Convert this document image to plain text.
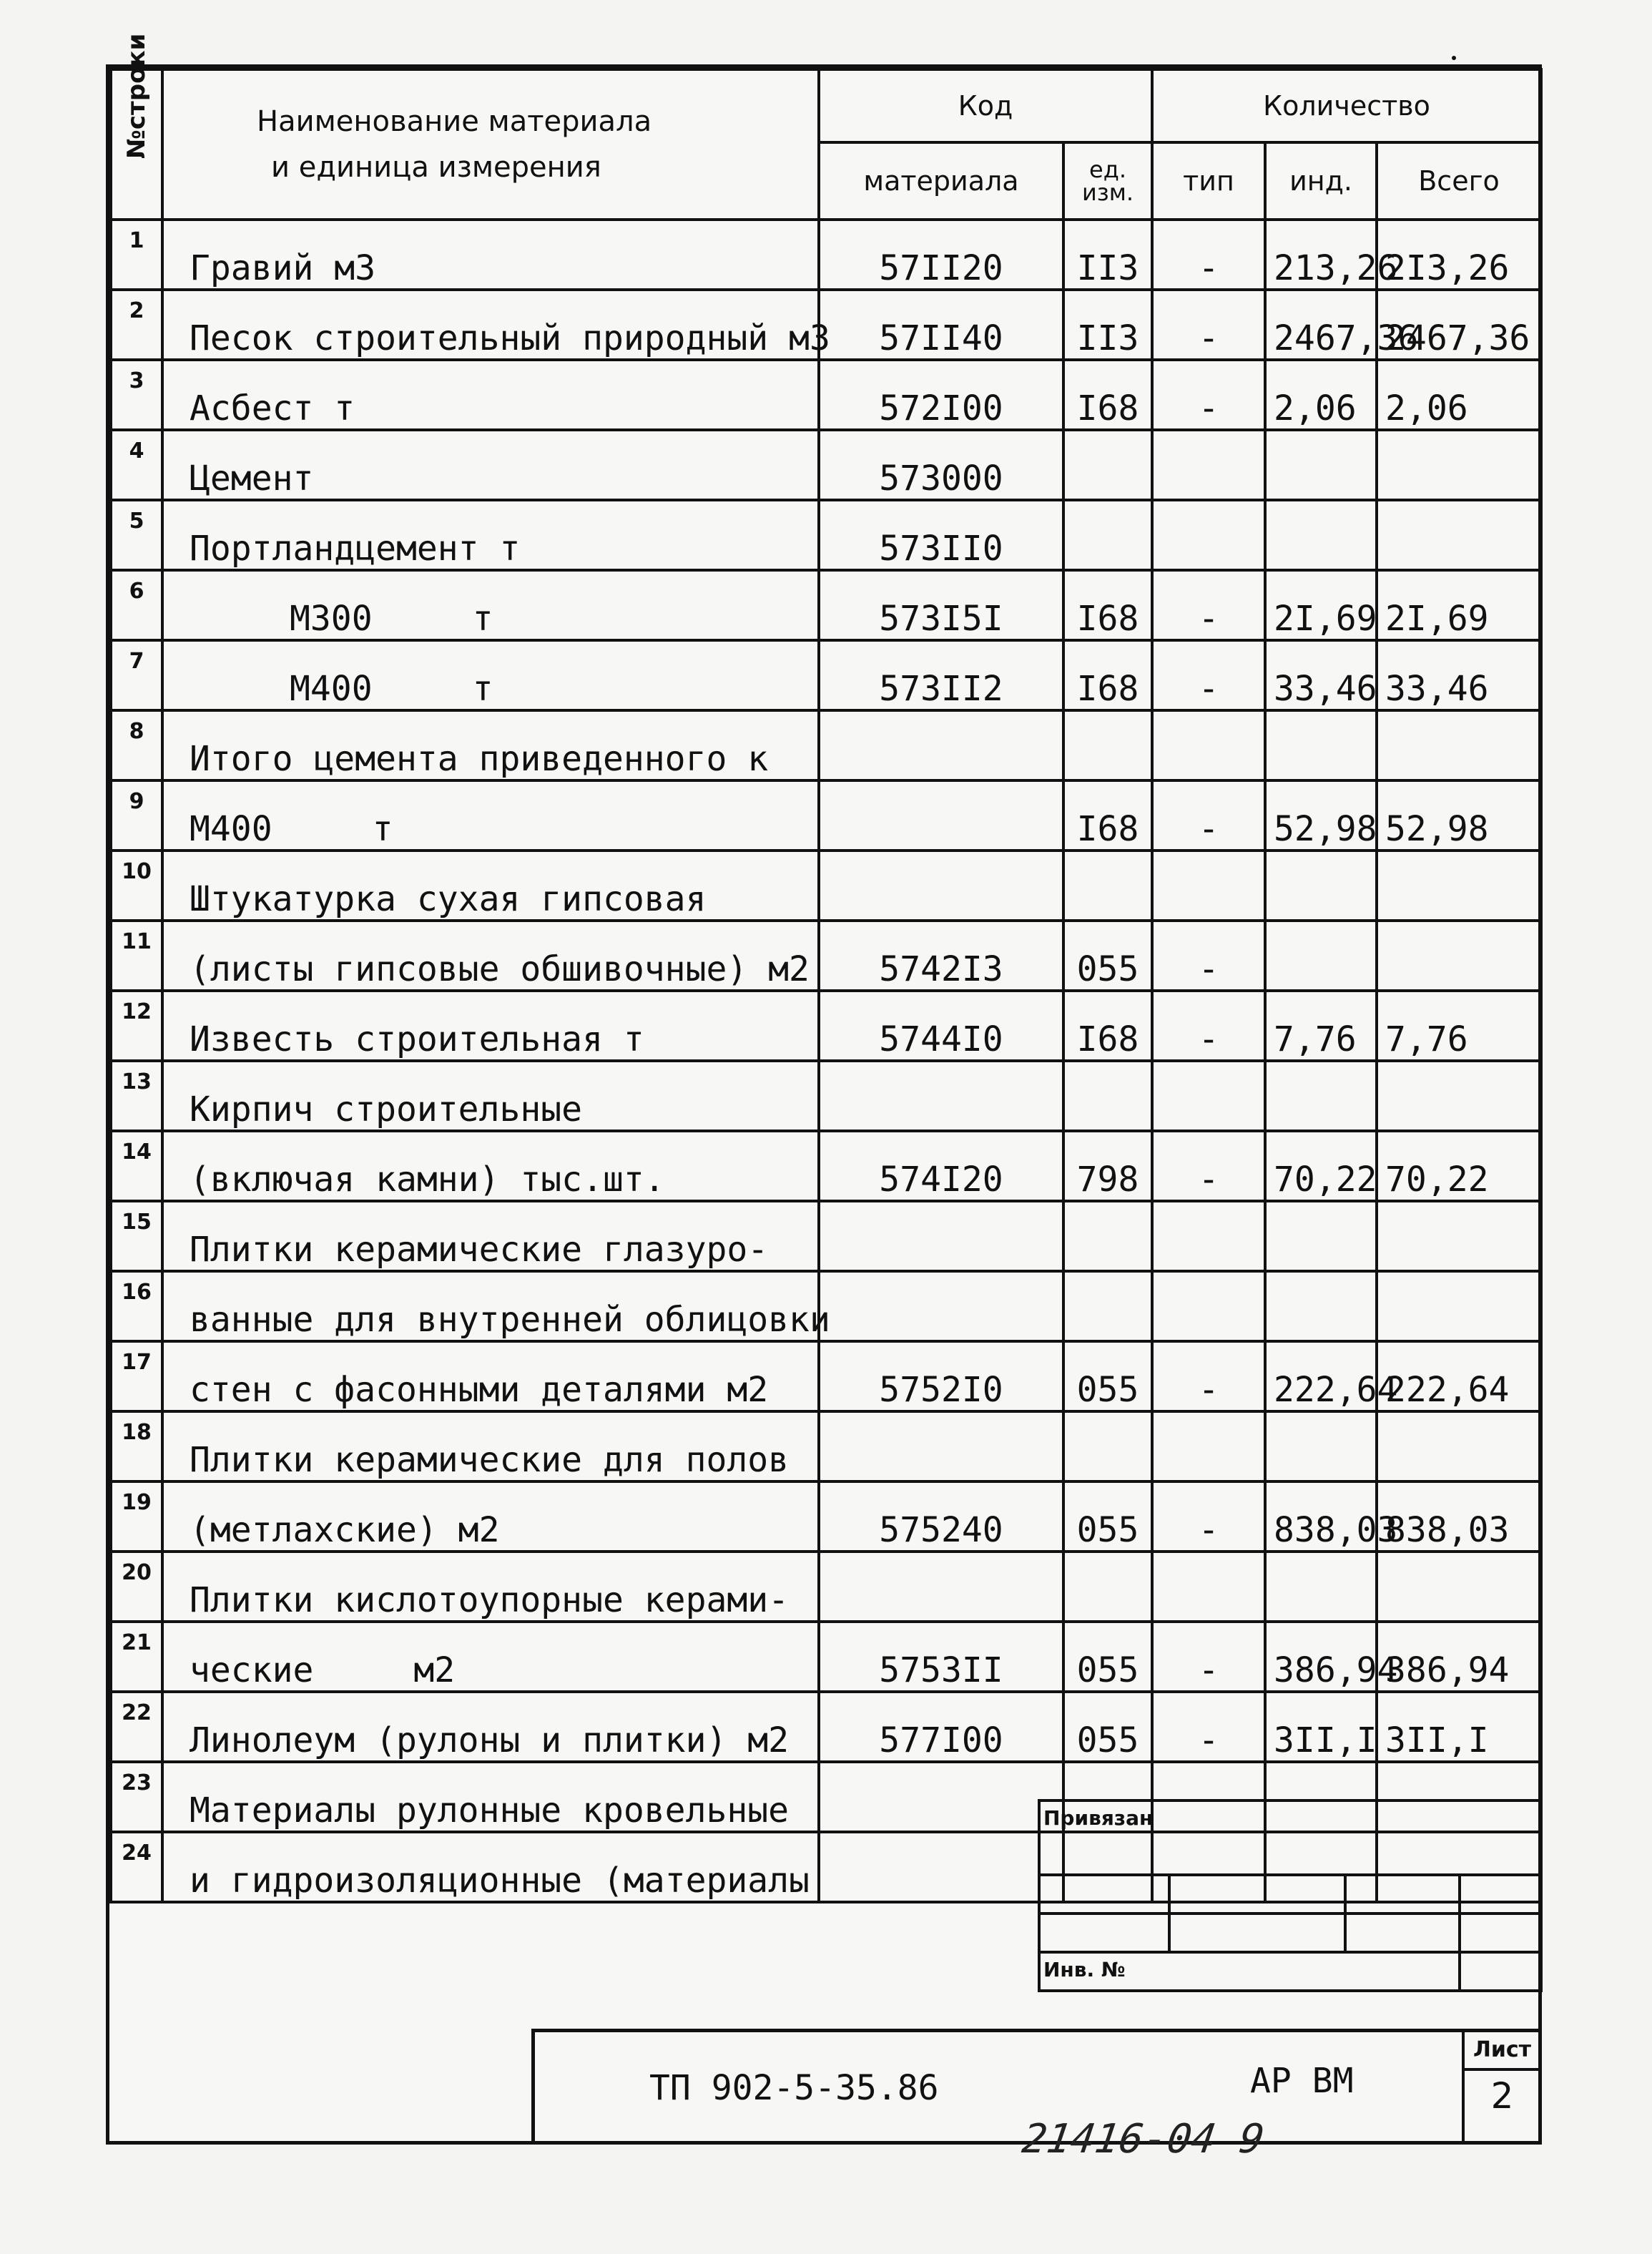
№строки	Наименование материала
и единица измерения	Код		Количество		
		материала	ед.
изм.	тип	инд.	Всего
1	Гравий м3	57II20	II3	-	213,26	2I3,26
2	Песок строительный природный м3	57II40	II3	-	2467,36	2467,36
3	Асбест т	572I00	I68	-	2,06	2,06
4	Цемент	573000				
5	Портландцемент т	573II0				
6	М300 т	573I5I	I68	-	2I,69	2I,69
7	М400 т	573II2	I68	-	33,46	33,46
8	Итого цемента приведенного к					
9	М400 т		I68	-	52,98	52,98
10	Штукатурка сухая гипсовая					
11	(листы гипсовые обшивочные) м2	5742I3	055	-		
12	Известь строительная т	5744I0	I68	-	7,76	7,76
13	Кирпич строительные					
14	(включая камни) тыс.шт.	574I20	798	-	70,22	70,22
15	Плитки керамические глазуро-					
16	ванные для внутренней облицовки					
17	стен с фасонными деталями м2	5752I0	055	-	222,64	222,64
18	Плитки керамические для полов					
19	(метлахские) м2	575240	055	-	838,03	838,03
20	Плитки кислотоупорные керами-					
21	ческие м2	5753II	055	-	386,94	386,94
22	Линолеум (рулоны и плитки) м2	577I00	055	-	3II,I	3II,I
23	Материалы рулонные кровельные					
24	и гидроизоляционные (материалы					
Привязан			

Инв. №			
ТП 902-5-35.86	АР ВМ
Лист
2
21416-04 9
